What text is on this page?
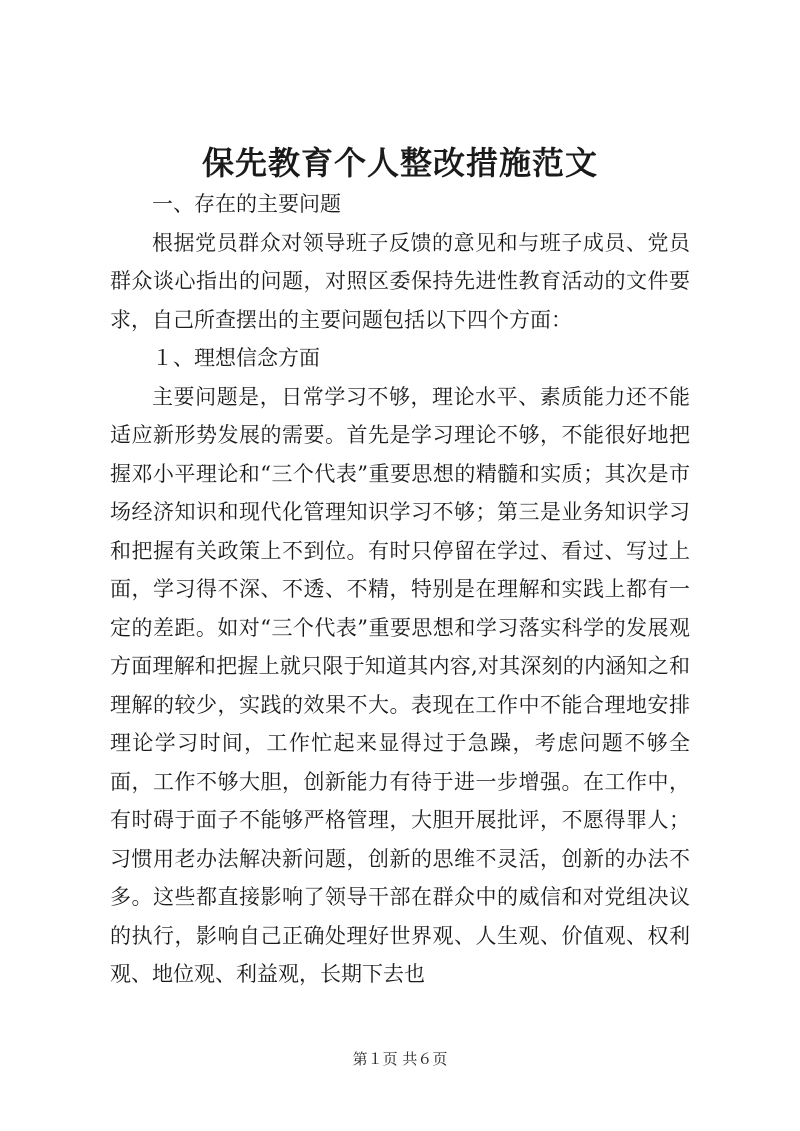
保先教育个人整改措施范文

一、存在的主要问题

根据党员群众对领导班子反馈的意见和与班子成员、党员群众谈心指出的问题，对照区委保持先进性教育活动的文件要求，自己所查摆出的主要问题包括以下四个方面：

１、理想信念方面

主要问题是，日常学习不够，理论水平、素质能力还不能适应新形势发展的需要。首先是学习理论不够，不能很好地把握邓小平理论和“三个代表”重要思想的精髓和实质；其次是市场经济知识和现代化管理知识学习不够；第三是业务知识学习和把握有关政策上不到位。有时只停留在学过、看过、写过上面，学习得不深、不透、不精，特别是在理解和实践上都有一定的差距。如对“三个代表”重要思想和学习落实科学的发展观方面理解和把握上就只限于知道其内容,对其深刻的内涵知之和理解的较少，实践的效果不大。表现在工作中不能合理地安排理论学习时间，工作忙起来显得过于急躁，考虑问题不够全面，工作不够大胆，创新能力有待于进一步增强。在工作中，有时碍于面子不能够严格管理，大胆开展批评，不愿得罪人；习惯用老办法解决新问题，创新的思维不灵活，创新的办法不多。这些都直接影响了领导干部在群众中的威信和对党组决议的执行，影响自己正确处理好世界观、人生观、价值观、权利观、地位观、利益观，长期下去也

第１页 共６页
